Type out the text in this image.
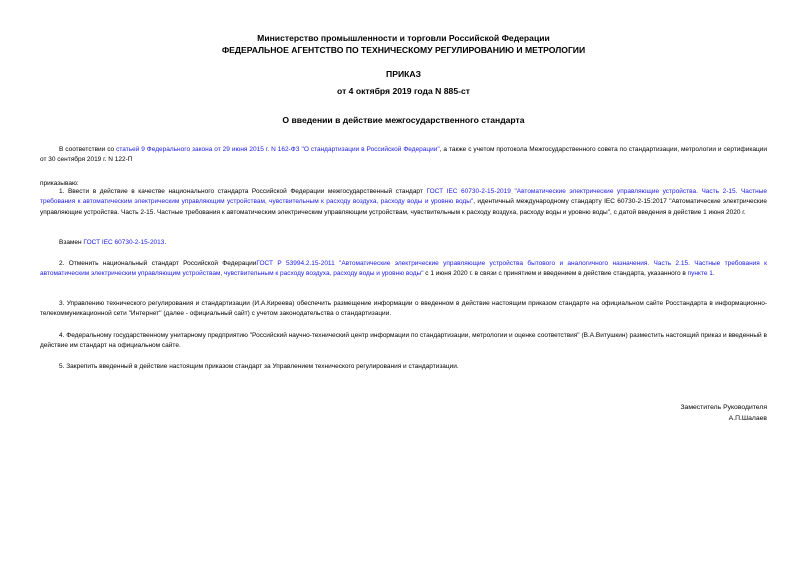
Министерство промышленности и торговли Российской Федерации
ФЕДЕРАЛЬНОЕ АГЕНТСТВО ПО ТЕХНИЧЕСКОМУ РЕГУЛИРОВАНИЮ И МЕТРОЛОГИИ
ПРИКАЗ
от 4 октября 2019 года N 885-ст
О введении в действие межгосударственного стандарта

В соответствии со статьей 9 Федерального закона от 29 июня 2015 г. N 162-ФЗ "О стандартизации в Российской Федерации", а также с учетом протокола Межгосударственного совета по стандартизации, метрологии и сертификации от 30 сентября 2019 г. N 122-П

приказываю:

1. Ввести в действие в качестве национального стандарта Российской Федерации межгосударственный стандарт ГОСТ IEC 60730-2-15-2019 "Автоматические электрические управляющие устройства. Часть 2-15. Частные требования к автоматическим электрическим управляющим устройствам, чувствительным к расходу воздуха, расходу воды и уровню воды", идентичный международному стандарту IEC 60730-2-15:2017 "Автоматические электрические управляющие устройства. Часть 2-15. Частные требования к автоматическим электрическим управляющим устройствам, чувствительным к расходу воздуха, расходу воды и уровню воды", с датой введения в действие 1 июня 2020 г.

Взамен ГОСТ IEC 60730-2-15-2013.

2. Отменить национальный стандарт Российской ФедерацииГОСТ Р 53994.2.15-2011 "Автоматические электрические управляющие устройства бытового и аналогичного назначения. Часть 2.15. Частные требования к автоматическим электрическим управляющим устройствам, чувствительным к расходу воздуха, расходу воды и уровню воды" с 1 июня 2020 г. в связи с принятием и введением в действие стандарта, указанного в пункте 1.

3. Управлению технического регулирования и стандартизации (И.А.Киреева) обеспечить размещение информации о введенном в действие настоящим приказом стандарте на официальном сайте Росстандарта в информационно-телекоммуникационной сети "Интернет" (далее - официальный сайт) с учетом законодательства о стандартизации.

4. Федеральному государственному унитарному предприятию "Российский научно-технический центр информации по стандартизации, метрологии и оценке соответствия" (В.А.Витушкин) разместить настоящий приказ и введенный в действие им стандарт на официальном сайте.

5. Закрепить введенный в действие настоящим приказом стандарт за Управлением технического регулирования и стандартизации.

Заместитель Руководителя
А.П.Шалаев
